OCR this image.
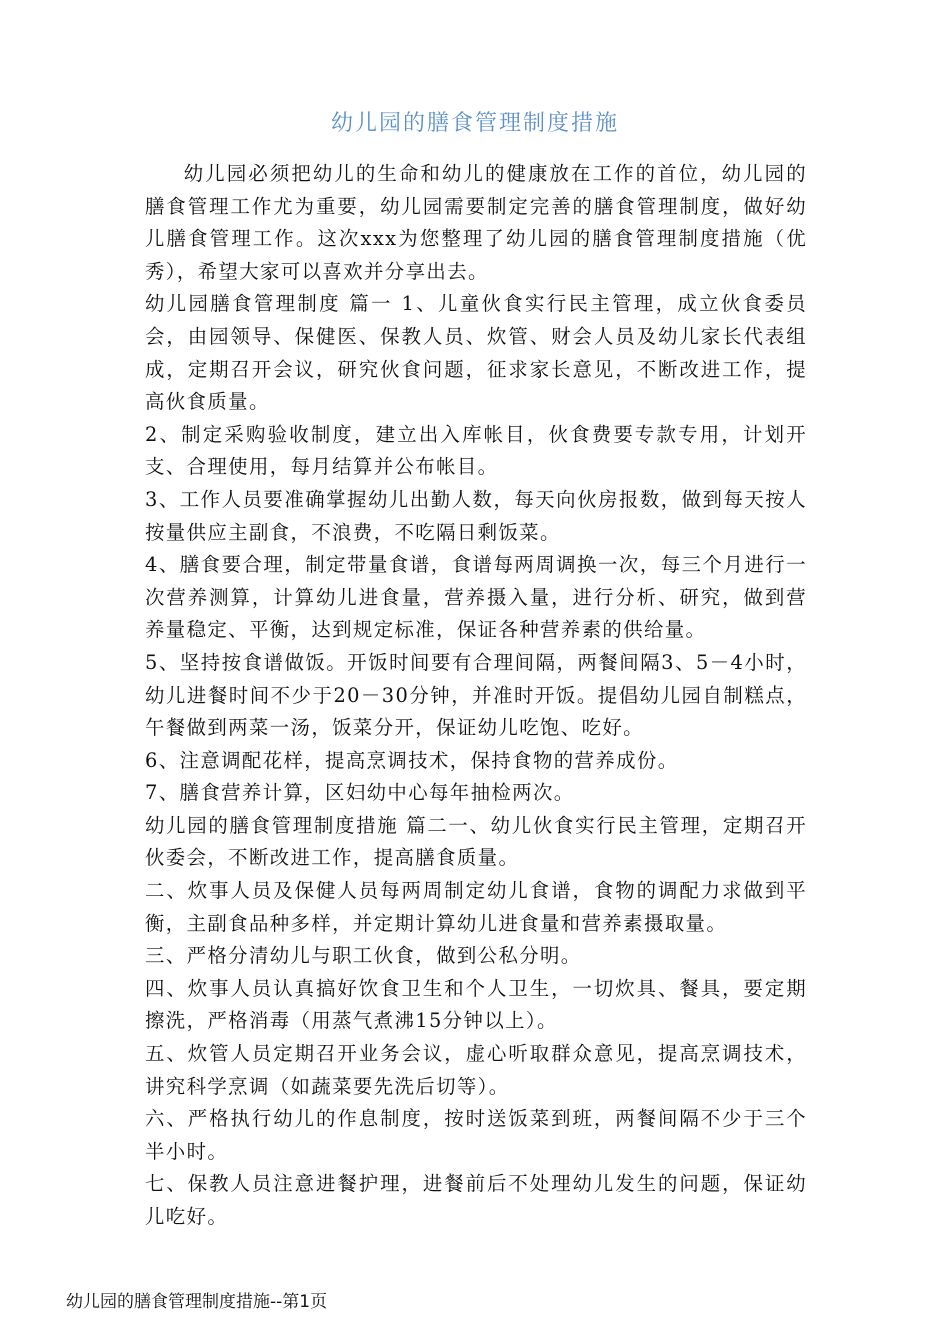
幼儿园的膳食管理制度措施

幼儿园必须把幼儿的生命和幼儿的健康放在工作的首位，幼儿园的膳食管理工作尤为重要，幼儿园需要制定完善的膳食管理制度，做好幼儿膳食管理工作。这次xxx为您整理了幼儿园的膳食管理制度措施（优秀），希望大家可以喜欢并分享出去。

幼儿园膳食管理制度 篇一 1、儿童伙食实行民主管理，成立伙食委员会，由园领导、保健医、保教人员、炊管、财会人员及幼儿家长代表组成，定期召开会议，研究伙食问题，征求家长意见，不断改进工作，提高伙食质量。

2、制定采购验收制度，建立出入库帐目，伙食费要专款专用，计划开支、合理使用，每月结算并公布帐目。

3、工作人员要准确掌握幼儿出勤人数，每天向伙房报数，做到每天按人按量供应主副食，不浪费，不吃隔日剩饭菜。

4、膳食要合理，制定带量食谱，食谱每两周调换一次，每三个月进行一次营养测算，计算幼儿进食量，营养摄入量，进行分析、研究，做到营养量稳定、平衡，达到规定标准，保证各种营养素的供给量。

5、坚持按食谱做饭。开饭时间要有合理间隔，两餐间隔3、5－4小时，幼儿进餐时间不少于20－30分钟，并准时开饭。提倡幼儿园自制糕点，午餐做到两菜一汤，饭菜分开，保证幼儿吃饱、吃好。

6、注意调配花样，提高烹调技术，保持食物的营养成份。

7、膳食营养计算，区妇幼中心每年抽检两次。

幼儿园的膳食管理制度措施 篇二一、幼儿伙食实行民主管理，定期召开伙委会，不断改进工作，提高膳食质量。

二、炊事人员及保健人员每两周制定幼儿食谱，食物的调配力求做到平衡，主副食品种多样，并定期计算幼儿进食量和营养素摄取量。

三、严格分清幼儿与职工伙食，做到公私分明。

四、炊事人员认真搞好饮食卫生和个人卫生，一切炊具、餐具，要定期擦洗，严格消毒（用蒸气煮沸15分钟以上）。

五、炊管人员定期召开业务会议，虚心听取群众意见，提高烹调技术，讲究科学烹调（如蔬菜要先洗后切等）。

六、严格执行幼儿的作息制度，按时送饭菜到班，两餐间隔不少于三个半小时。

七、保教人员注意进餐护理，进餐前后不处理幼儿发生的问题，保证幼儿吃好。

幼儿园的膳食管理制度措施--第1页
